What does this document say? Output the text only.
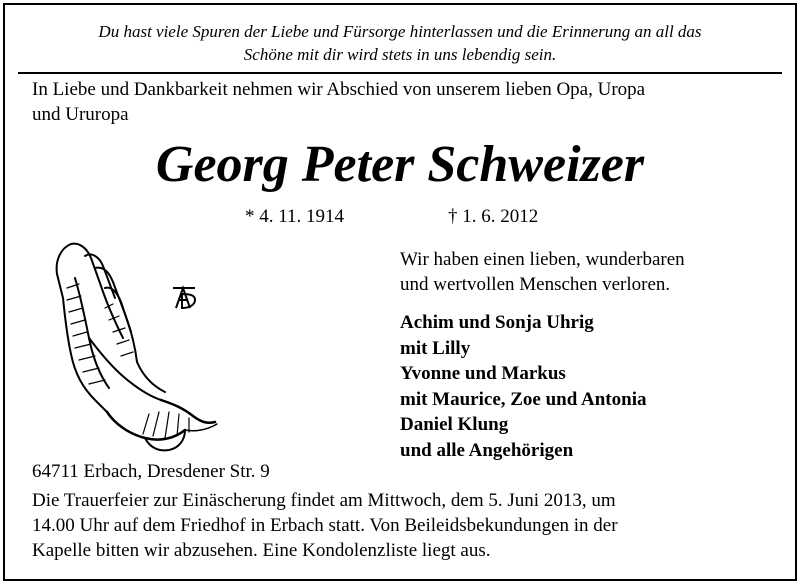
Du hast viele Spuren der Liebe und Fürsorge hinterlassen und die Erinnerung an all das
Schöne mit dir wird stets in uns lebendig sein.
In Liebe und Dankbarkeit nehmen wir Abschied von unserem lieben Opa, Uropa
und Ururopa
Georg Peter Schweizer
* 4. 11. 1914	† 1. 6. 2012
Wir haben einen lieben, wunderbaren
und wertvollen Menschen verloren.
Achim und Sonja Uhrig
mit Lilly
Yvonne und Markus
mit Maurice, Zoe und Antonia
Daniel Klung
und alle Angehörigen
64711 Erbach, Dresdener Str. 9
Die Trauerfeier zur Einäscherung findet am Mittwoch, dem 5. Juni 2013, um
14.00 Uhr auf dem Friedhof in Erbach statt. Von Beileidsbekundungen in der
Kapelle bitten wir abzusehen. Eine Kondolenzliste liegt aus.
